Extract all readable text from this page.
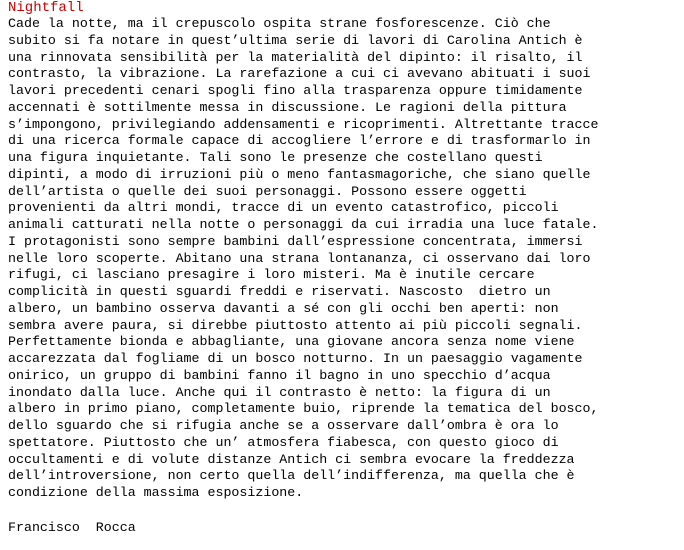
Nightfall
Cade la notte, ma il crepuscolo ospita strane fosforescenze. Ciò che
subito si fa notare in quest’ultima serie di lavori di Carolina Antich è
una rinnovata sensibilità per la materialità del dipinto: il risalto, il
contrasto, la vibrazione. La rarefazione a cui ci avevano abituati i suoi
lavori precedenti cenari spogli fino alla trasparenza oppure timidamente
accennati è sottilmente messa in discussione. Le ragioni della pittura
s’impongono, privilegiando addensamenti e ricoprimenti. Altrettante tracce
di una ricerca formale capace di accogliere l’errore e di trasformarlo in
una figura inquietante. Tali sono le presenze che costellano questi
dipinti, a modo di irruzioni più o meno fantasmagoriche, che siano quelle
dell’artista o quelle dei suoi personaggi. Possono essere oggetti
provenienti da altri mondi, tracce di un evento catastrofico, piccoli
animali catturati nella notte o personaggi da cui irradia una luce fatale.
I protagonisti sono sempre bambini dall’espressione concentrata, immersi
nelle loro scoperte. Abitano una strana lontananza, ci osservano dai loro
rifugi, ci lasciano presagire i loro misteri. Ma è inutile cercare
complicità in questi sguardi freddi e riservati. Nascosto  dietro un
albero, un bambino osserva davanti a sé con gli occhi ben aperti: non
sembra avere paura, si direbbe piuttosto attento ai più piccoli segnali.
Perfettamente bionda e abbagliante, una giovane ancora senza nome viene
accarezzata dal fogliame di un bosco notturno. In un paesaggio vagamente
onirico, un gruppo di bambini fanno il bagno in uno specchio d’acqua
inondato dalla luce. Anche qui il contrasto è netto: la figura di un
albero in primo piano, completamente buio, riprende la tematica del bosco,
dello sguardo che si rifugia anche se a osservare dall’ombra è ora lo
spettatore. Piuttosto che un’ atmosfera fiabesca, con questo gioco di
occultamenti e di volute distanze Antich ci sembra evocare la freddezza
dell’introversione, non certo quella dell’indifferenza, ma quella che è
condizione della massima esposizione.
Francisco  Rocca
